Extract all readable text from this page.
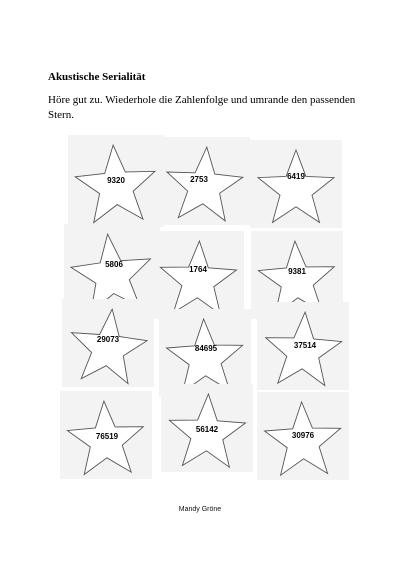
Akustische Serialität
Höre gut zu. Wiederhole die Zahlenfolge und umrande den passenden Stern.
9320	2753	6419
5806
1764	9381
29073
84695	37514
76519
56142
30976
Mandy Gröne
